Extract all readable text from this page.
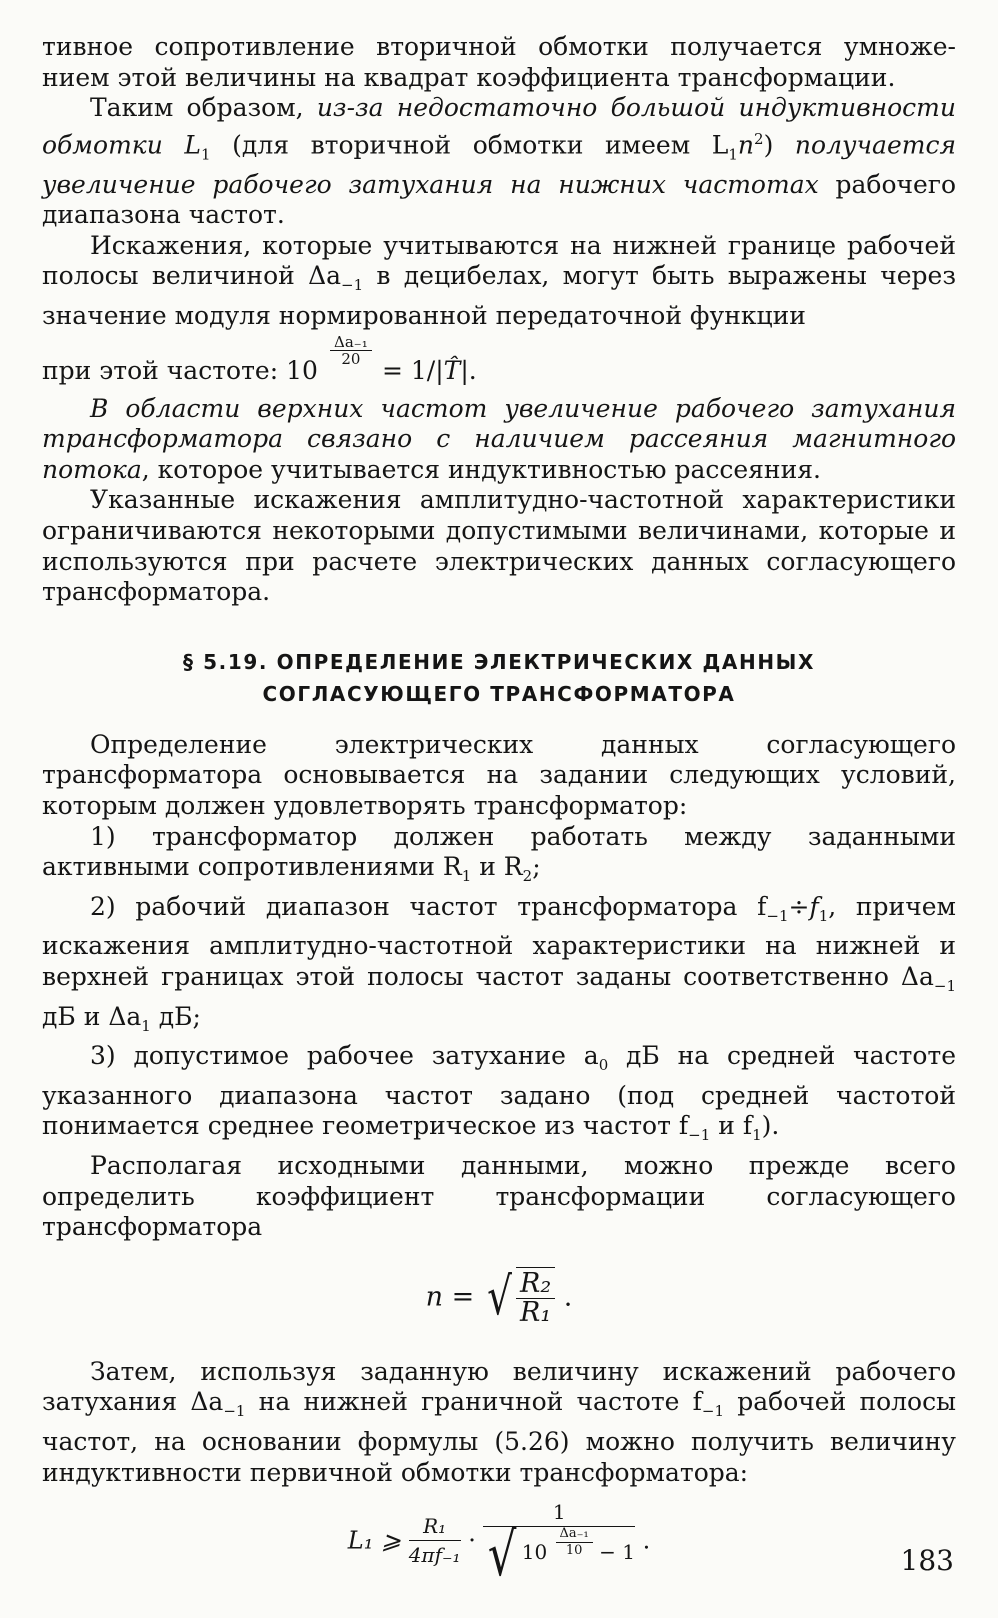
тивное сопротивление вторичной обмотки получается умноже- нием этой величины на квадрат коэффициента трансформации.

Таким образом, из-за недостаточно большой индуктивности обмотки $L_1$ (для вторичной обмотки имеем $L_1n^2$) получается увеличение рабочего затухания на нижних частотах рабочего диапазона частот.

Искажения, которые учитываются на нижней границе рабочей полосы величиной $\Delta a_{-1}$ в децибелах, могут быть выражены через значение модуля нормированной передаточной функции

при этой частоте: 10
$\frac{\text{Δa₋₁}}{20}$
= 1/|T̂|.

В области верхних частот увеличение рабочего затухания трансформатора связано с наличием рассеяния магнитного потока, которое учитывается индуктивностью рассеяния.

Указанные искажения амплитудно-частотной характеристики ограничиваются некоторыми допустимыми величинами, которые и используются при расчете электрических данных согласующего трансформатора.

§ 5.19. ОПРЕДЕЛЕНИЕ ЭЛЕКТРИЧЕСКИХ ДАННЫХ
СОГЛАСУЮЩЕГО ТРАНСФОРМАТОРА

Определение электрических данных согласующего трансформатора основывается на задании следующих условий, которым должен удовлетворять трансформатор:

1) трансформатор должен работать между заданными активными сопротивлениями $R_1$ и $R_2$;

2) рабочий диапазон частот трансформатора $f_{-1}\div f_1$, причем искажения амплитудно-частотной характеристики на нижней и верхней границах этой полосы частот заданы соответственно $\Delta a_{-1}$ дБ и $\Delta a_1$ дБ;

3) допустимое рабочее затухание $a_0$ дБ на средней частоте указанного диапазона частот задано (под средней частотой понимается среднее геометрическое из частот $f_{-1}$ и $f_1$).

Располагая исходными данными, можно прежде всего определить коэффициент трансформации согласующего трансформатора

n = √ $\frac{\text{R₂}}{\text{R₁}}$ .

Затем, используя заданную величину искажений рабочего затухания $\Delta a_{-1}$ на нижней граничной частоте $f_{-1}$ рабочей полосы частот, на основании формулы (5.26) можно получить величину индуктивности первичной обмотки трансформатора:

L₁ ⩾ $\frac{\text{R₁}}{\text{4πf₋₁}} \cdot \frac{1}{√ 10 \frac{\text{Δa₋₁}}{10} - 1}$ .
183
